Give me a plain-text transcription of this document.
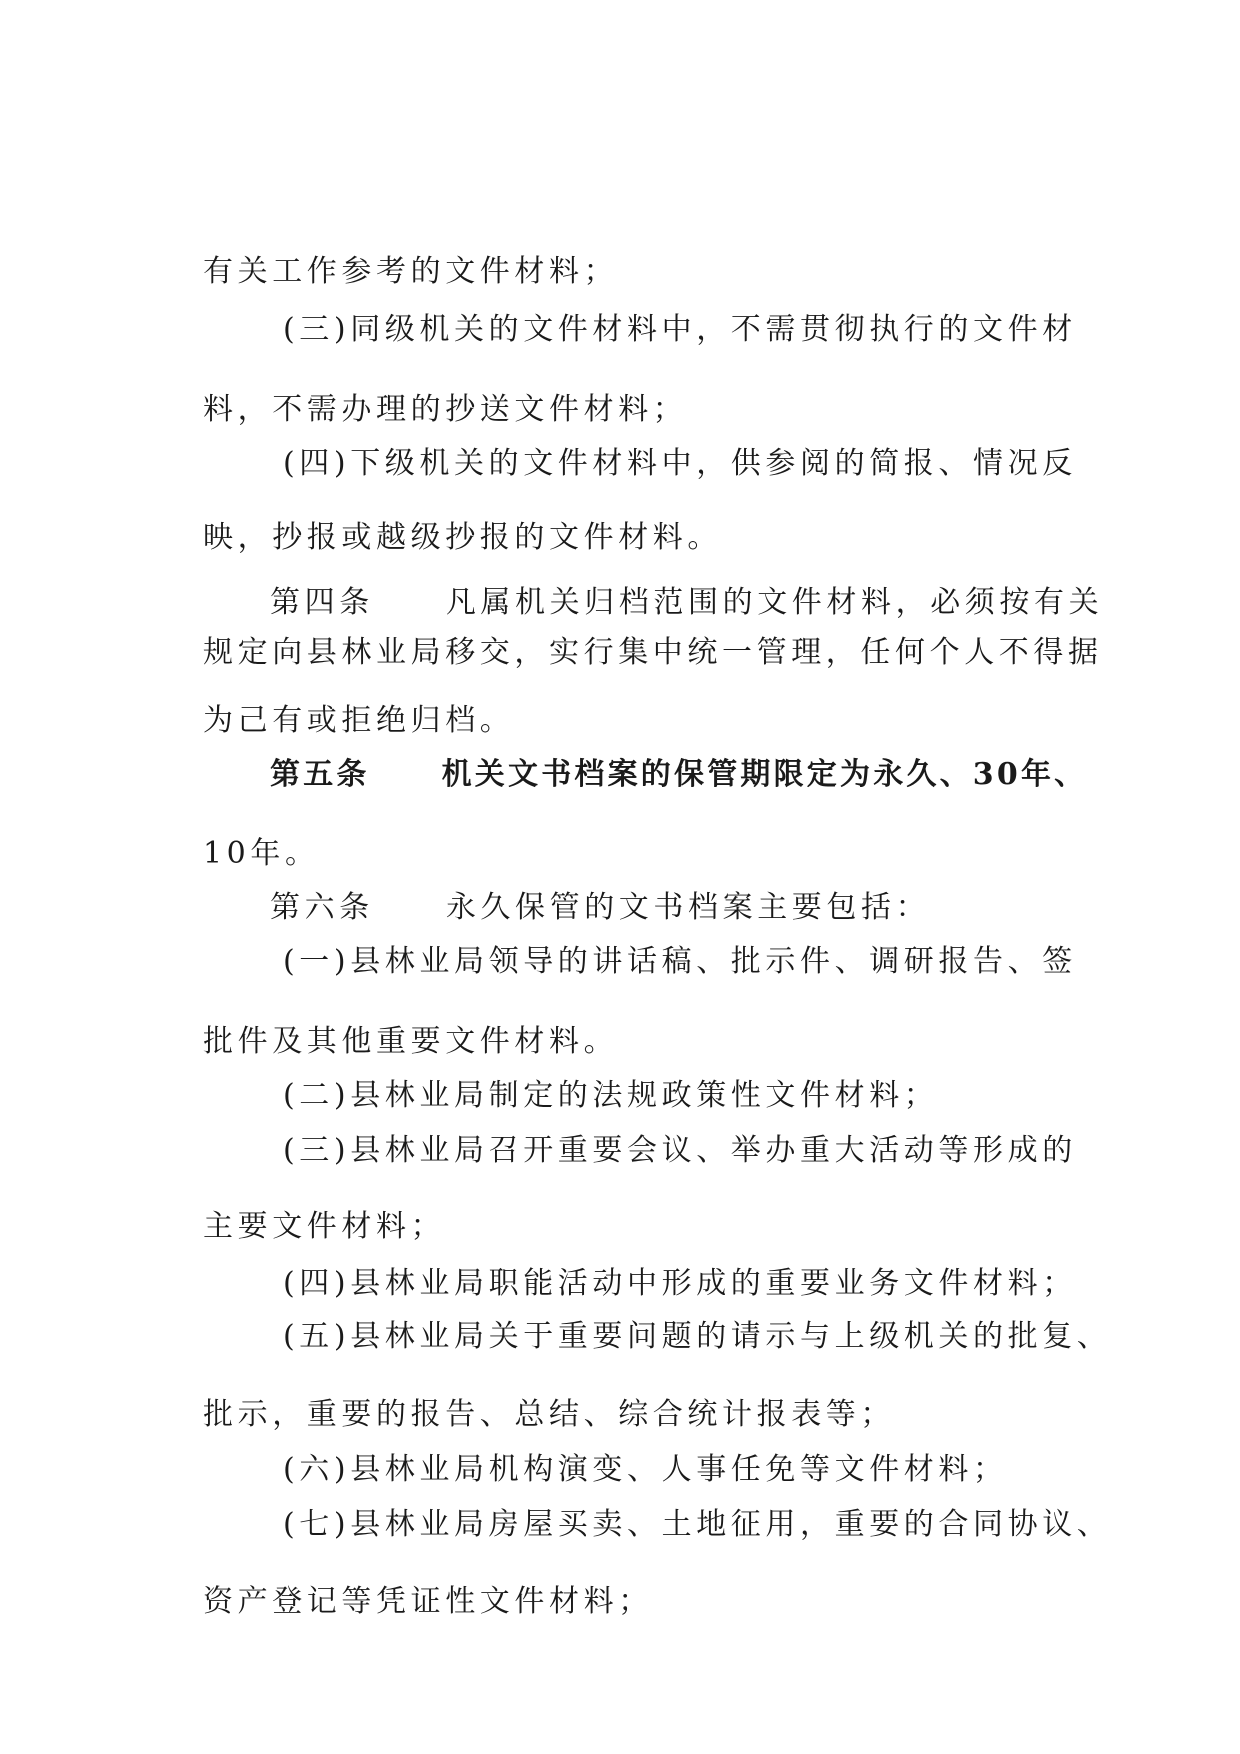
有关工作参考的文件材料；
(三)同级机关的文件材料中，不需贯彻执行的文件材
料，不需办理的抄送文件材料；
(四)下级机关的文件材料中，供参阅的简报、情况反
映，抄报或越级抄报的文件材料。
第四条 凡属机关归档范围的文件材料，必须按有关
规定向县林业局移交，实行集中统一管理，任何个人不得据
为己有或拒绝归档。
第五条 机关文书档案的保管期限定为永久、30年、
10年。
第六条 永久保管的文书档案主要包括：
(一)县林业局领导的讲话稿、批示件、调研报告、签
批件及其他重要文件材料。
(二)县林业局制定的法规政策性文件材料；
(三)县林业局召开重要会议、举办重大活动等形成的
主要文件材料；
(四)县林业局职能活动中形成的重要业务文件材料；
(五)县林业局关于重要问题的请示与上级机关的批复、
批示，重要的报告、总结、综合统计报表等；
(六)县林业局机构演变、人事任免等文件材料；
(七)县林业局房屋买卖、土地征用，重要的合同协议、
资产登记等凭证性文件材料；
